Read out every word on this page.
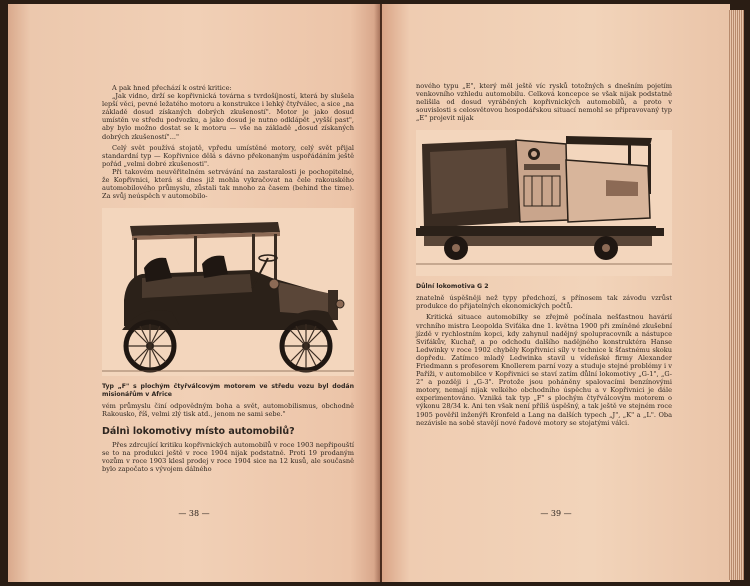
A pak hned přechází k ostré kritice:

„Jak vidno, drží se kopřivnická továrna s tvrdošíjností, která by slušela lepší věci, pevné ležatého motoru a konstrukce i lehký čtyřválec, a sice „na základě dosud získaných dobrých zkušeností". Motor je jako dosud umístěn ve středu podvozku, a jako dosud je nutno odklápět „vyšší past", aby bylo možno dostat se k motoru — vše na základě „dosud získaných dobrých zkušeností"..."

Celý svět používá stojatě, vpředu umístěné motory, celý svět přijal standardní typ — Kopřivnice dělá s dávno překonaným uspořádáním ještě pořád „velmi dobré zkušenosti".

Při takovém neuvěřitelném setrvávání na zastaralosti je pochopitelné, že Kopřivnici, která si dnes již mohla vykračovat na čele rakouského automobilového průmyslu, zůstali tak mnoho za časem (behind the time). Za svůj neúspěch v automobilo-

Typ „F" s plochým čtyřválcovým motorem ve středu vozu byl dodán misionářům v Africe

vém průmyslu činí odpovědným boha a svět, automobilismus, obchodně Rakousko, říš, velmi zlý tisk atd., jenom ne sami sebe."

Dálnì lokomotivy místo automobilů?

Přes zdrcující kritiku kopřivnických automobilů v roce 1903 nepřipouští se to na produkci ještě v roce 1904 nijak podstatně. Proti 19 prodaným vozům v roce 1903 klesl prodej v roce 1904 sice na 12 kusů, ale současně bylo započato s vývojem dálného

— 38 —

nového typu „E", který měl ještě víc rysků totožných s dnešním pojetím venkovního vzhledu automobilu. Celková koncepce se však nijak podstatně nelišila od dosud vyráběných kopřivnických automobilů, a proto v souvislosti s celosvětovou hospodářskou situací nemohl se připravovaný typ „E" projevit nijak

Důlní lokomotiva G 2

znatelně úspěšněji než typy předchozí, s přínosem tak závodu vzrůst produkce do přijatelných ekonomických počtů.

Kritická situace automobilky se zřejmě počínala nešťastnou havárií vrchního mistra Leopolda Sviťáka dne 1. května 1900 při zmíněné zkušební jízdě v rychlostním kopci, kdy zahynul nadějný spolupracovník a nástupce Sviťákův, Kuchař, a po odchodu dalšího nadějného konstruktéra Hanse Ledwinky v roce 1902 chyběly Kopřivnici síly v technice k šťastnému skoku dopředu. Zatímco mladý Ledwinka stavil u vídeňské firmy Alexander Friedmann s profesorem Knollerem parní vozy a studuje stejné problémy i v Paříži, v automobilce v Kopřivnici se staví zatím důlní lokomotivy „G-1", „G-2" a později i „G-3". Protože jsou poháněny spalovacími benzínovými motory, nemají nijak velkého obchodního úspěchu a v Kopřivnici je dále experimentováno. Vzniká tak typ „F" s plochým čtyřválcovým motorem o výkonu 28/34 k. Ani ten však není příliš úspěšný, a tak ještě ve stejném roce 1905 pověřil inženýři Kronfeld a Lang na dalších typech „J", „K" a „L". Oba nezávisle na sobě stavějí nové řadové motory se stojatými válci.

— 39 —
